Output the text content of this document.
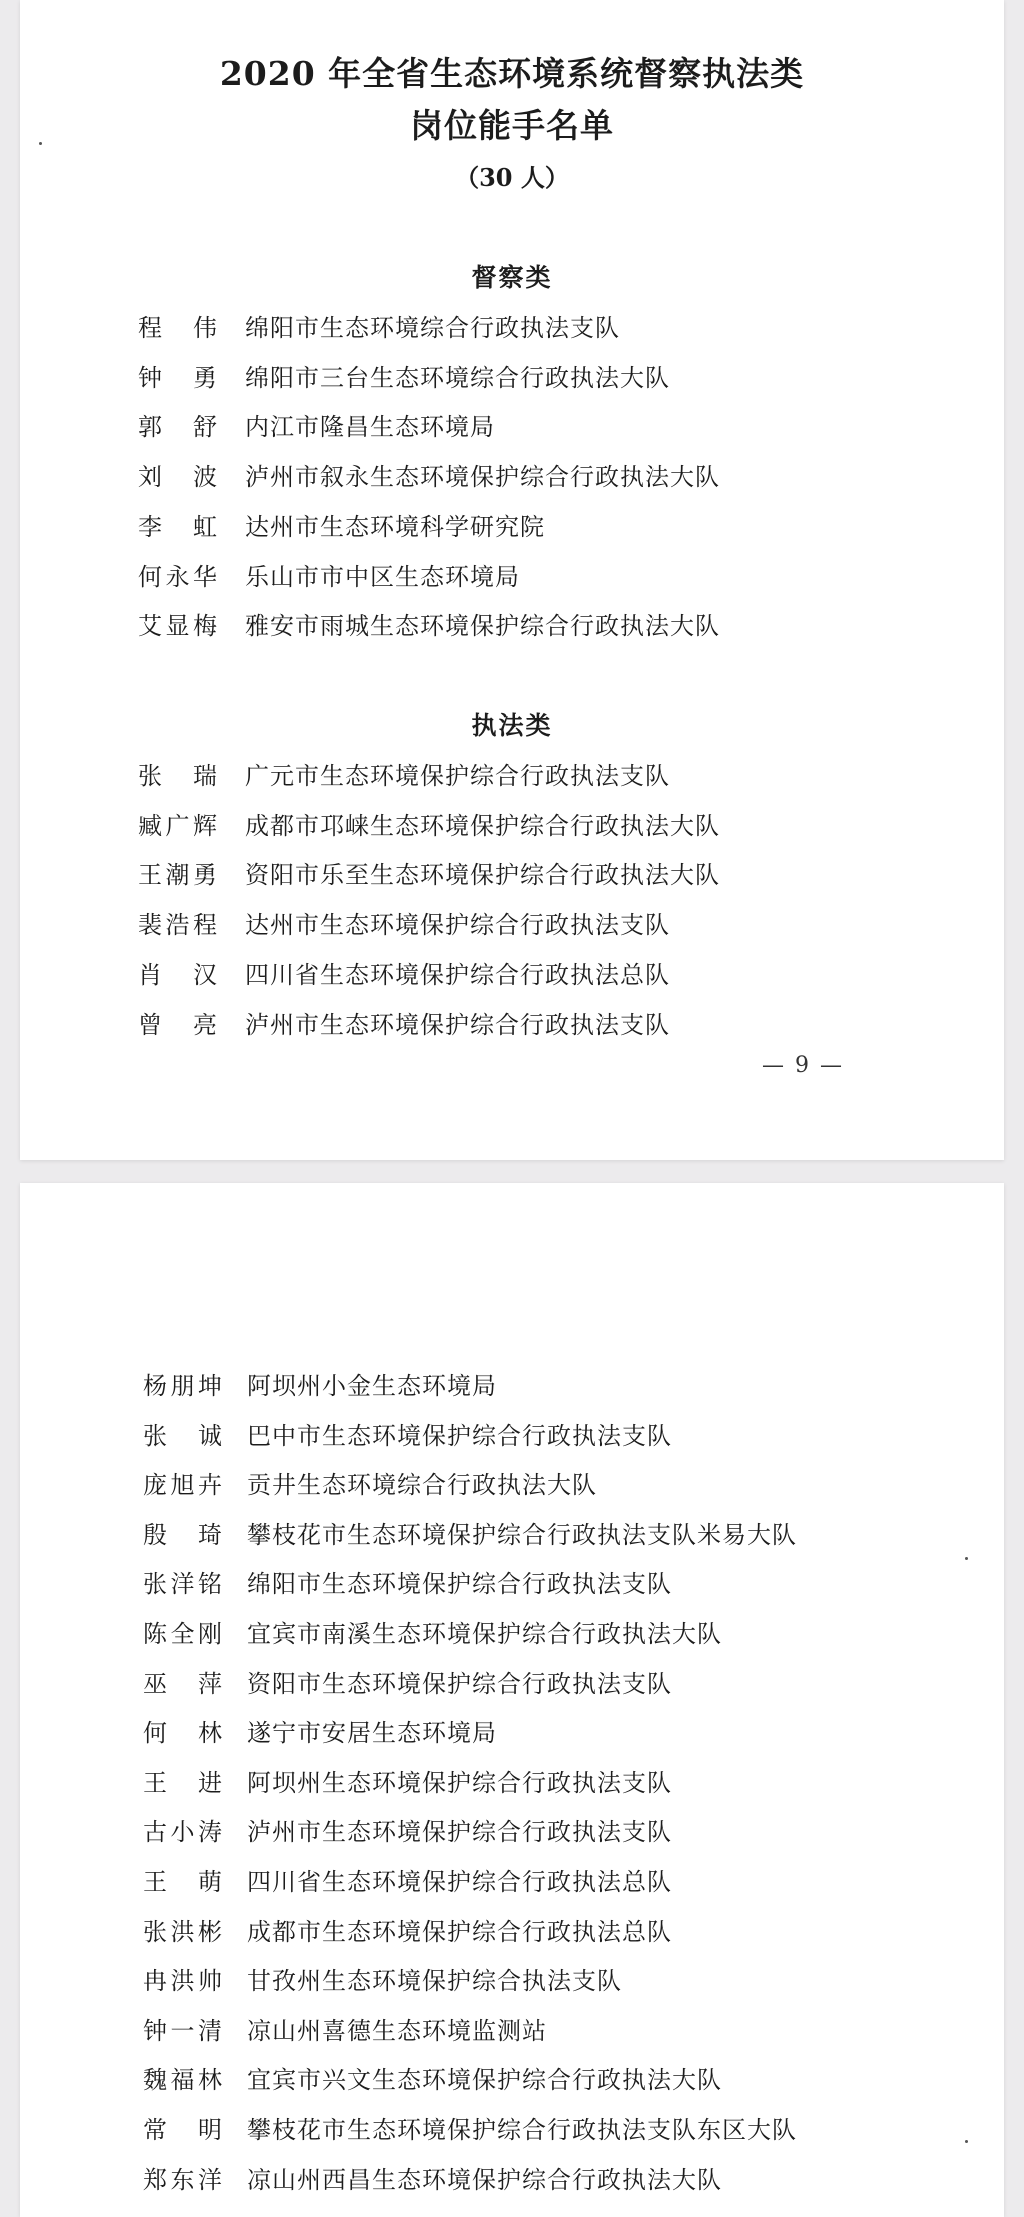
2020 年全省生态环境系统督察执法类
岗位能手名单
（30 人）
督察类
程伟 绵阳市生态环境综合行政执法支队
钟勇 绵阳市三台生态环境综合行政执法大队
郭舒 内江市隆昌生态环境局
刘波 泸州市叙永生态环境保护综合行政执法大队
李虹 达州市生态环境科学研究院
何永华 乐山市市中区生态环境局
艾显梅 雅安市雨城生态环境保护综合行政执法大队
执法类
张瑞 广元市生态环境保护综合行政执法支队
臧广辉 成都市邛崃生态环境保护综合行政执法大队
王潮勇 资阳市乐至生态环境保护综合行政执法大队
裴浩程 达州市生态环境保护综合行政执法支队
肖汉 四川省生态环境保护综合行政执法总队
曾亮 泸州市生态环境保护综合行政执法支队
— 9 —
杨朋坤 阿坝州小金生态环境局
张诚 巴中市生态环境保护综合行政执法支队
庞旭卉 贡井生态环境综合行政执法大队
殷琦 攀枝花市生态环境保护综合行政执法支队米易大队
张洋铭 绵阳市生态环境保护综合行政执法支队
陈全刚 宜宾市南溪生态环境保护综合行政执法大队
巫萍 资阳市生态环境保护综合行政执法支队
何林 遂宁市安居生态环境局
王进 阿坝州生态环境保护综合行政执法支队
古小涛 泸州市生态环境保护综合行政执法支队
王萌 四川省生态环境保护综合行政执法总队
张洪彬 成都市生态环境保护综合行政执法总队
冉洪帅 甘孜州生态环境保护综合执法支队
钟一清 凉山州喜德生态环境监测站
魏福林 宜宾市兴文生态环境保护综合行政执法大队
常明 攀枝花市生态环境保护综合行政执法支队东区大队
郑东洋 凉山州西昌生态环境保护综合行政执法大队
